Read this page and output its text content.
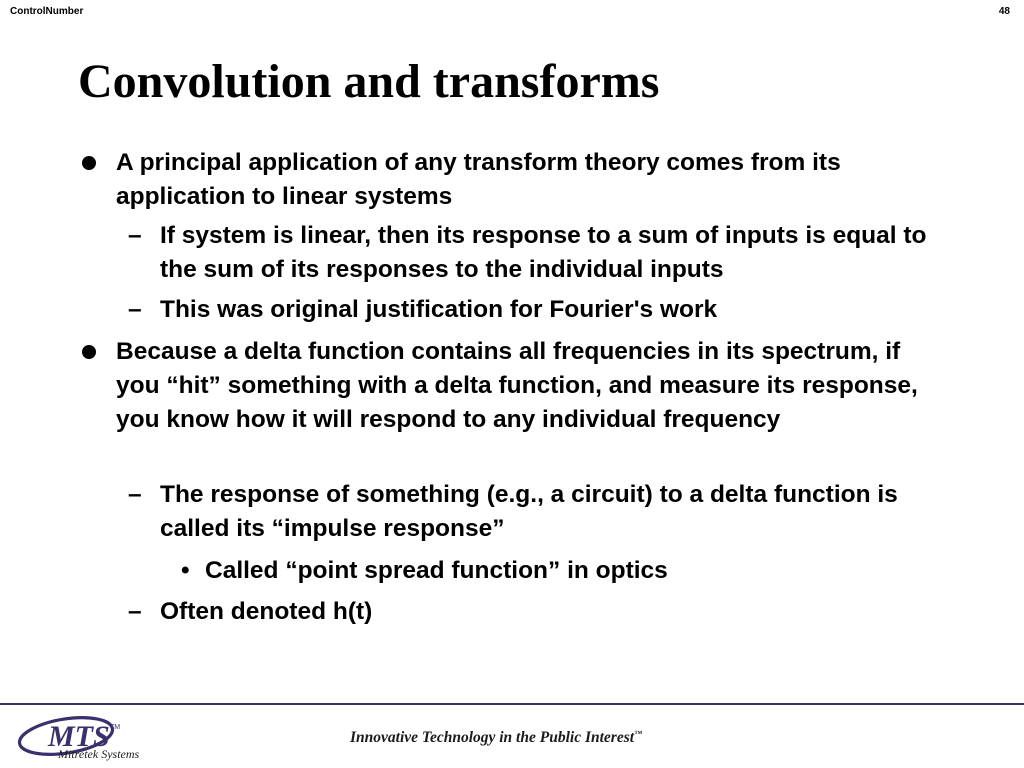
ControlNumber	48
Convolution and transforms
A principal application of any transform theory comes from its application to linear systems
– If system is linear, then its response to a sum of inputs is equal to the sum of its responses to the individual inputs
– This was original justification for Fourier's work
Because a delta function contains all frequencies in its spectrum, if you “hit” something with a delta function, and measure its response, you know how it will respond to any individual frequency
– The response of something (e.g., a circuit) to a delta function is called its “impulse response”
• Called “point spread function” in optics
– Often denoted h(t)
MTS TM
Mitretek Systems
Innovative Technology in the Public Interest™
